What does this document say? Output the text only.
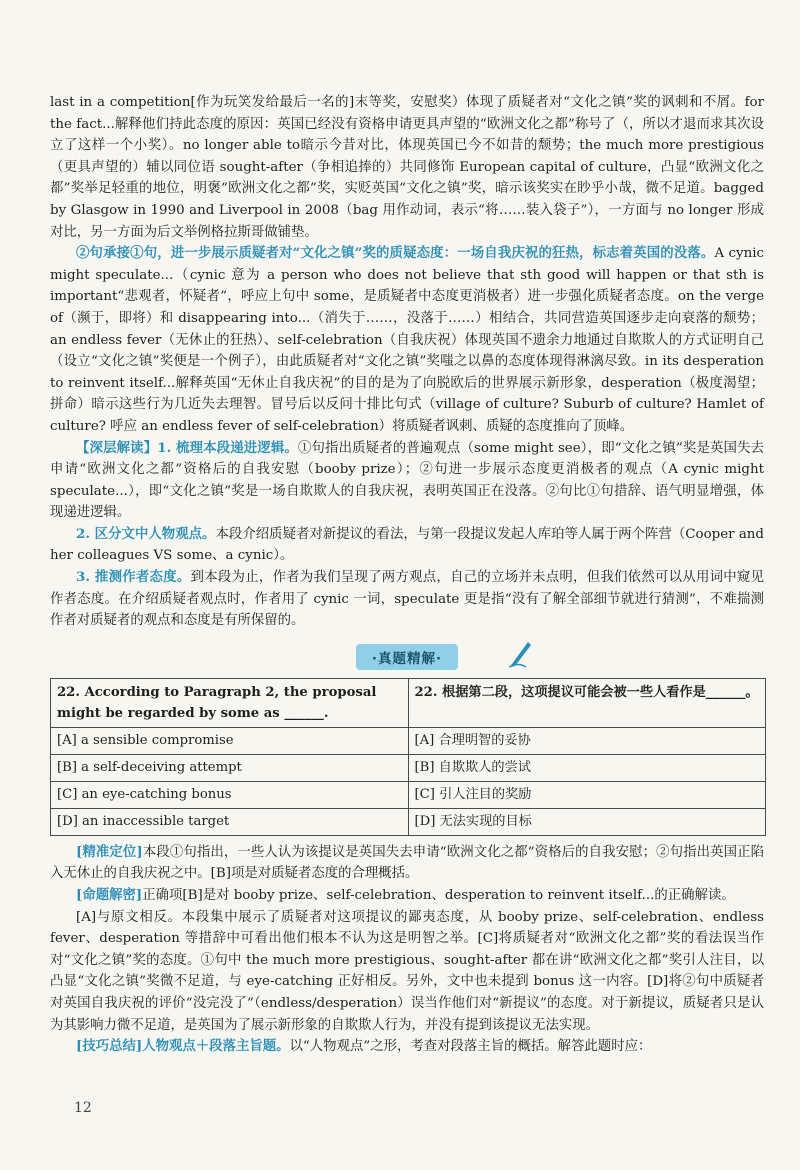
last in a competition[作为玩笑发给最后一名的]末等奖，安慰奖）体现了质疑者对“文化之镇”奖的讽刺和不屑。for the fact...解释他们持此态度的原因：英国已经没有资格申请更具声望的“欧洲文化之都”称号了（，所以才退而求其次设立了这样一个小奖）。no longer able to暗示今昔对比，体现英国已今不如昔的颓势；the much more prestigious（更具声望的）辅以同位语 sought-after（争相追捧的）共同修饰 European capital of culture，凸显“欧洲文化之都”奖举足轻重的地位，明褒“欧洲文化之都”奖，实贬英国“文化之镇”奖，暗示该奖实在眇乎小哉，微不足道。bagged by Glasgow in 1990 and Liverpool in 2008（bag 用作动词，表示“将……装入袋子”），一方面与 no longer 形成对比，另一方面为后文举例格拉斯哥做铺垫。

②句承接①句，进一步展示质疑者对“文化之镇”奖的质疑态度：一场自我庆祝的狂热，标志着英国的没落。A cynic might speculate...（cynic 意为 a person who does not believe that sth good will happen or that sth is important“悲观者，怀疑者”，呼应上句中 some，是质疑者中态度更消极者）进一步强化质疑者态度。on the verge of（濒于，即将）和 disappearing into...（消失于……，没落于……）相结合，共同营造英国逐步走向衰落的颓势；an endless fever（无休止的狂热）、self-celebration（自我庆祝）体现英国不遗余力地通过自欺欺人的方式证明自己（设立“文化之镇”奖便是一个例子），由此质疑者对“文化之镇”奖嗤之以鼻的态度体现得淋漓尽致。in its desperation to reinvent itself...解释英国“无休止自我庆祝”的目的是为了向脱欧后的世界展示新形象，desperation（极度渴望；拼命）暗示这些行为几近失去理智。冒号后以反问十排比句式（village of culture? Suburb of culture? Hamlet of culture? 呼应 an endless fever of self-celebration）将质疑者讽刺、质疑的态度推向了顶峰。

【深层解读】1. 梳理本段递进逻辑。①句指出质疑者的普遍观点（some might see），即“文化之镇”奖是英国失去申请“欧洲文化之都”资格后的自我安慰（booby prize）；②句进一步展示态度更消极者的观点（A cynic might speculate...），即“文化之镇”奖是一场自欺欺人的自我庆祝，表明英国正在没落。②句比①句措辞、语气明显增强，体现递进逻辑。

2. 区分文中人物观点。本段介绍质疑者对新提议的看法，与第一段提议发起人库珀等人属于两个阵营（Cooper and her colleagues VS some、a cynic）。

3. 推测作者态度。到本段为止，作者为我们呈现了两方观点，自己的立场并未点明，但我们依然可以从用词中窥见作者态度。在介绍质疑者观点时，作者用了 cynic 一词，speculate 更是指“没有了解全部细节就进行猜测”，不难揣测作者对质疑者的观点和态度是有所保留的。

·真题精解·
22. According to Paragraph 2, the proposal might be regarded by some as ______.	22. 根据第二段，这项提议可能会被一些人看作是______。
[A] a sensible compromise	[A] 合理明智的妥协
[B] a self-deceiving attempt	[B] 自欺欺人的尝试
[C] an eye-catching bonus	[C] 引人注目的奖励
[D] an inaccessible target	[D] 无法实现的目标

[精准定位]本段①句指出，一些人认为该提议是英国失去申请“欧洲文化之都”资格后的自我安慰；②句指出英国正陷入无休止的自我庆祝之中。[B]项是对质疑者态度的合理概括。

[命题解密]正确项[B]是对 booby prize、self-celebration、desperation to reinvent itself...的正确解读。

[A]与原文相反。本段集中展示了质疑者对这项提议的鄙夷态度，从 booby prize、self-celebration、endless fever、desperation 等措辞中可看出他们根本不认为这是明智之举。[C]将质疑者对“欧洲文化之都”奖的看法误当作对“文化之镇”奖的态度。①句中 the much more prestigious、sought-after 都在讲“欧洲文化之都”奖引人注目，以凸显“文化之镇”奖微不足道，与 eye-catching 正好相反。另外，文中也未提到 bonus 这一内容。[D]将②句中质疑者对英国自我庆祝的评价“没完没了”（endless/desperation）误当作他们对“新提议”的态度。对于新提议，质疑者只是认为其影响力微不足道，是英国为了展示新形象的自欺欺人行为，并没有提到该提议无法实现。

[技巧总结]人物观点＋段落主旨题。以“人物观点”之形，考查对段落主旨的概括。解答此题时应：

12
